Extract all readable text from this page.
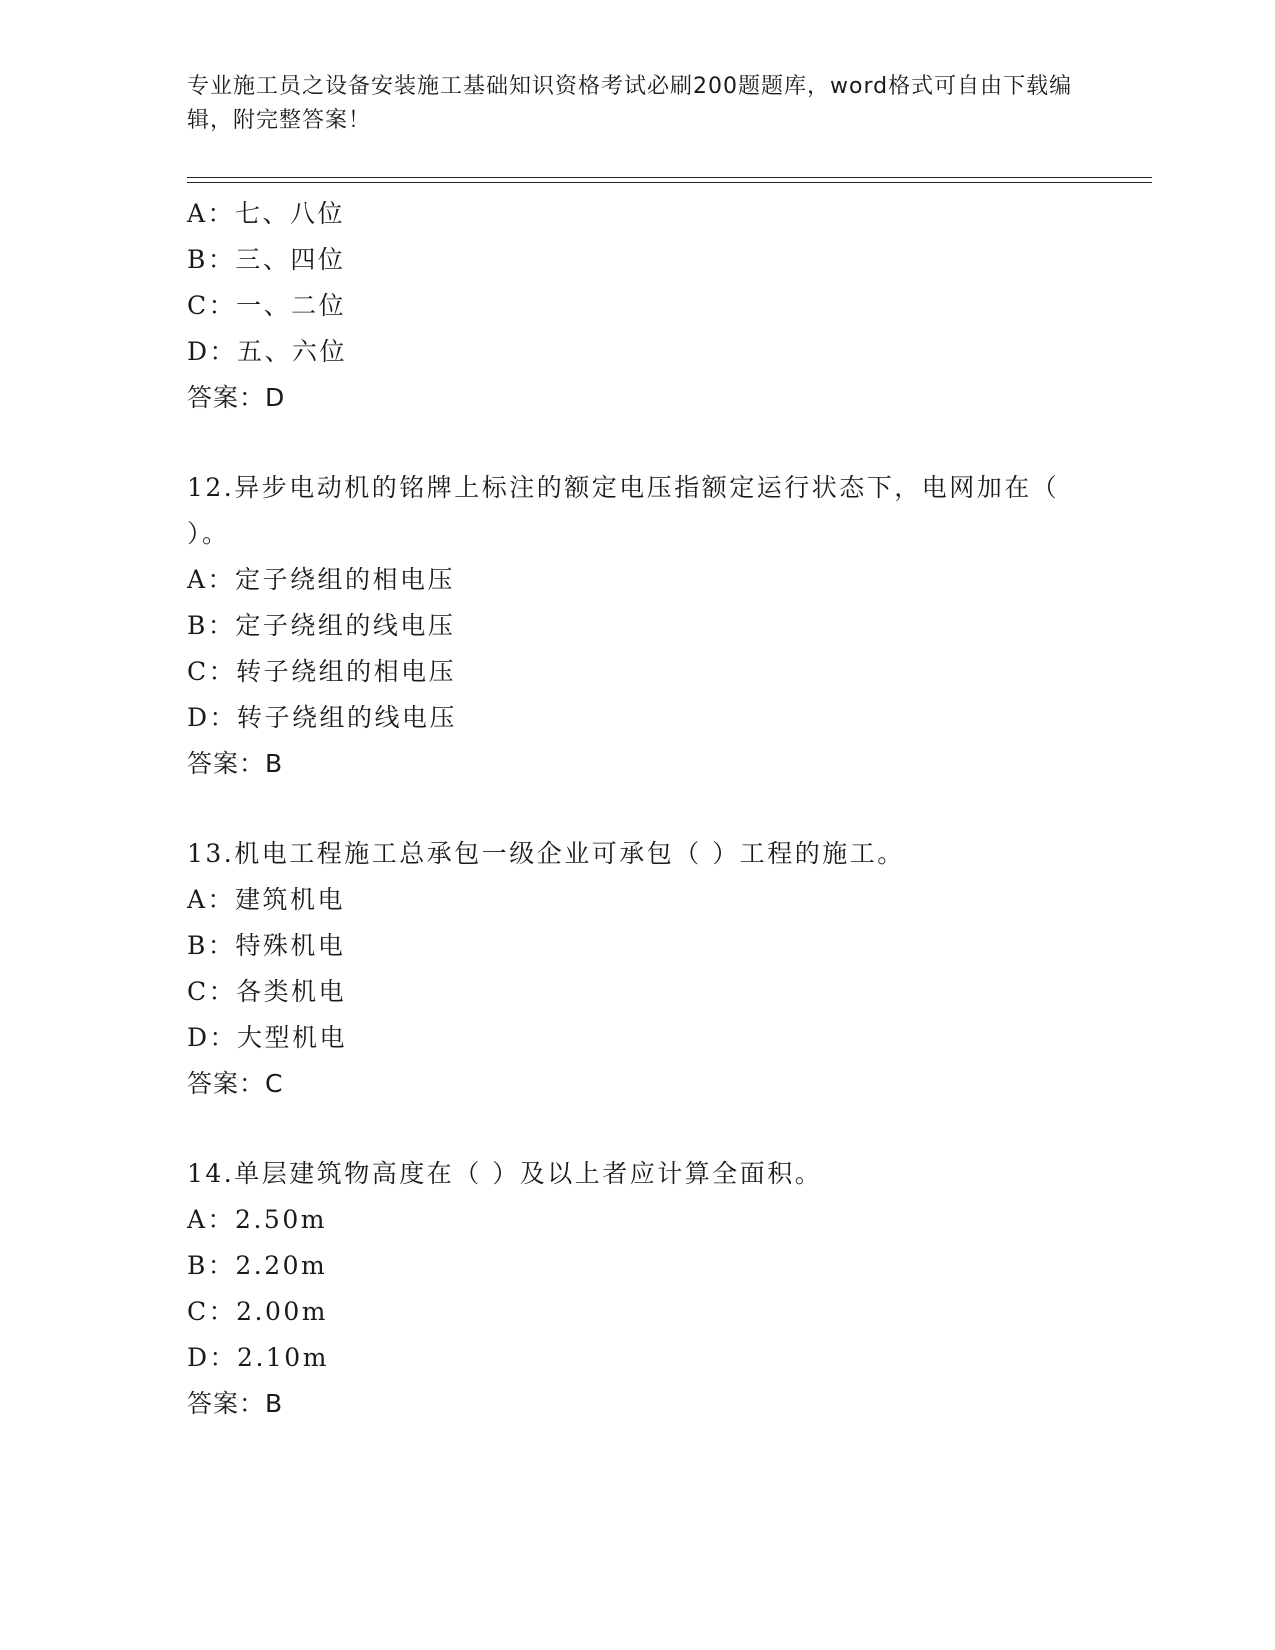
专业施工员之设备安装施工基础知识资格考试必刷200题题库，word格式可自由下载编辑，附完整答案！
A：七、八位
B：三、四位
C：一、二位
D：五、六位
答案：D
12.异步电动机的铭牌上标注的额定电压指额定运行状态下，电网加在（ ）。
A：定子绕组的相电压
B：定子绕组的线电压
C：转子绕组的相电压
D：转子绕组的线电压
答案：B
13.机电工程施工总承包一级企业可承包（ ）工程的施工。
A：建筑机电
B：特殊机电
C：各类机电
D：大型机电
答案：C
14.单层建筑物高度在（ ）及以上者应计算全面积。
A：2.50m
B：2.20m
C：2.00m
D：2.10m
答案：B
